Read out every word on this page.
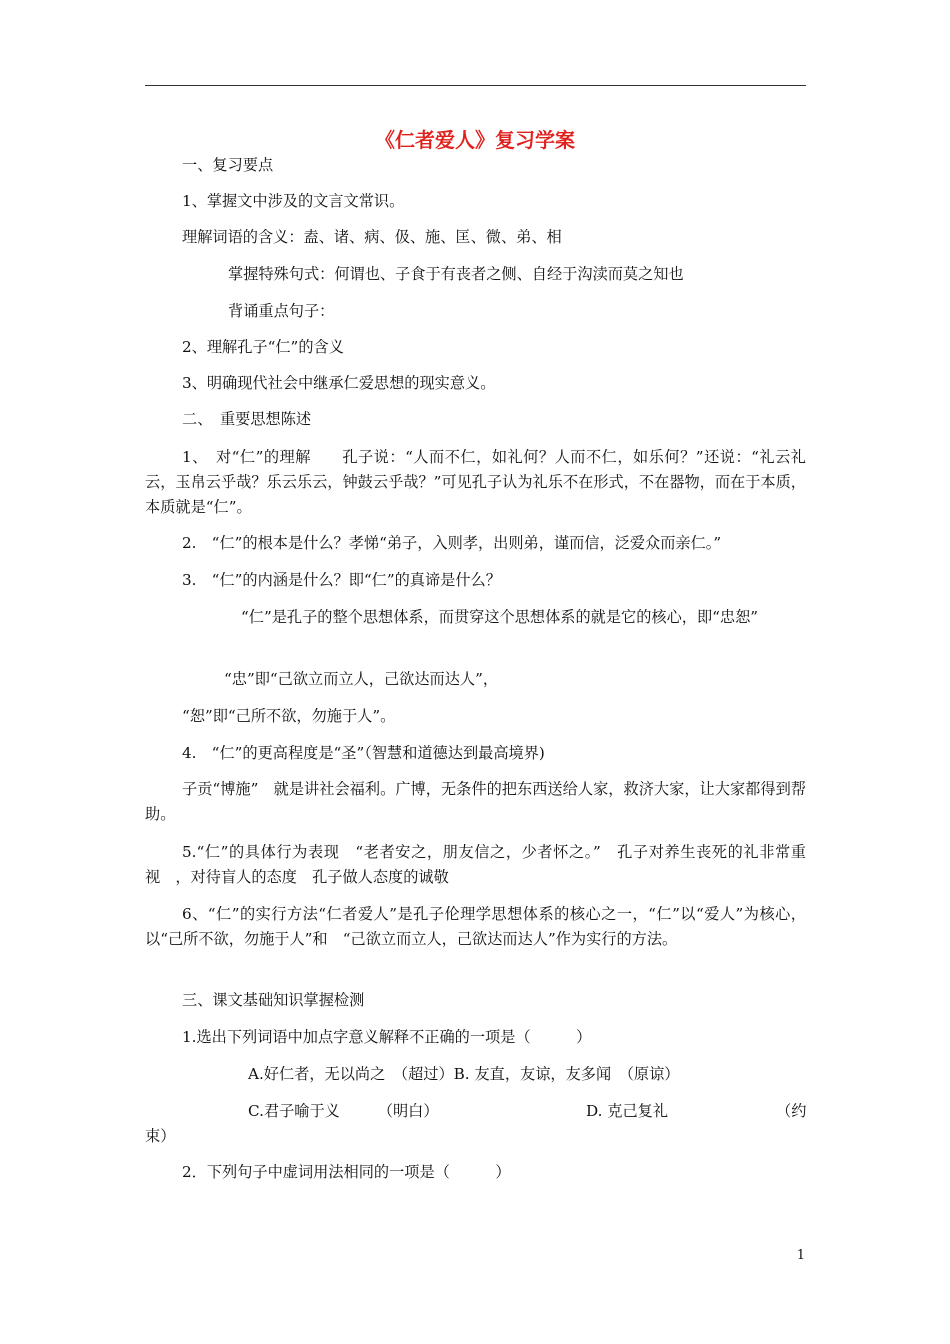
《仁者爱人》复习学案
一、复习要点
1、掌握文中涉及的文言文常识。
理解词语的含义：盍、诸、病、伋、施、匡、微、弟、相
掌握特殊句式：何谓也、子食于有丧者之侧、自经于沟渎而莫之知也
背诵重点句子：
2、理解孔子“仁”的含义
3、明确现代社会中继承仁爱思想的现实意义。
二、　重要思想陈述
1、　对“仁”的理解　　孔子说：“人而不仁，如礼何？人而不仁，如乐何？”还说：“礼云礼云，玉帛云乎哉？乐云乐云，钟鼓云乎哉？”可见孔子认为礼乐不在形式，不在器物，而在于本质，本质就是“仁”。
2.　“仁”的根本是什么？孝悌“弟子，入则孝，出则弟，谨而信，泛爱众而亲仁。”
3.　“仁”的内涵是什么？即“仁”的真谛是什么？
“仁”是孔子的整个思想体系，而贯穿这个思想体系的就是它的核心，即“忠恕”
“忠”即“己欲立而立人，己欲达而达人”，
“恕”即“己所不欲，勿施于人”。
4.　“仁”的更高程度是“圣”（智慧和道德达到最高境界)
子贡“博施”　就是讲社会福利。广博，无条件的把东西送给人家，救济大家，让大家都得到帮助。
5.“仁”的具体行为表现　“老者安之，朋友信之，少者怀之。”　孔子对养生丧死的礼非常重视　，对待盲人的态度　孔子做人态度的诚敬
6、“仁”的实行方法“仁者爱人”是孔子伦理学思想体系的核心之一，“仁”以“爱人”为核心，以“己所不欲，勿施于人”和　“己欲立而立人，己欲达而达人”作为实行的方法。
三、课文基础知识掌握检测
1.选出下列词语中加点字意义解释不正确的一项是（　　　）
A.好仁者，无以尚之　（超过）B. 友直，友谅，友多闻　（原谅）
C.君子喻于义　　　（明白）	D. 克己复礼	（约
束）
2．下列句子中虚词用法相同的一项是（　　　）
1
